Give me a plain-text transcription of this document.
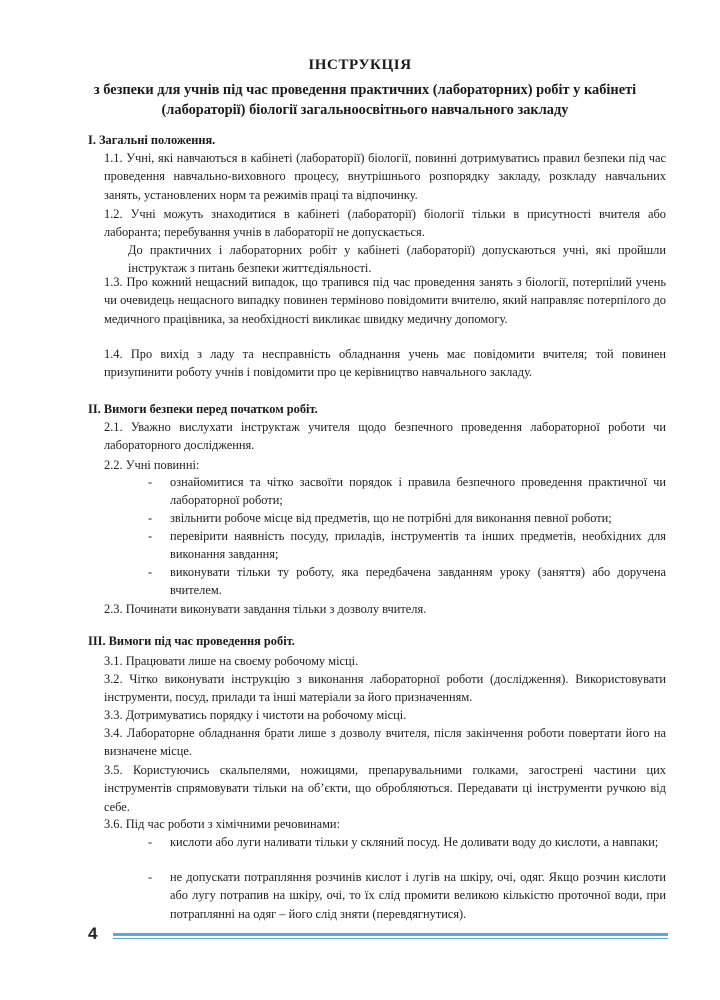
ІНСТРУКЦІЯ
з безпеки для учнів під час проведення практичних (лабораторних) робіт у кабінеті (лабораторії) біології загальноосвітнього навчального закладу
І. Загальні положення.
1.1. Учні, які навчаються в кабінеті (лабораторії) біології, повинні дотримуватись правил безпеки під час проведення навчально-виховного процесу, внутрішнього розпорядку закладу, розкладу навчальних занять, установлених норм та режимів праці та відпочинку.
1.2. Учні можуть знаходитися в кабінеті (лабораторії) біології тільки в присутності вчителя або лаборанта; перебування учнів в лабораторії не допускається.
До практичних і лабораторних робіт у кабінеті (лабораторії) допускаються учні, які пройшли інструктаж з питань безпеки життєдіяльності.
1.3. Про кожний нещасний випадок, що трапився під час проведення занять з біології, потерпілий учень чи очевидець нещасного випадку повинен терміново повідомити вчителю, який направляє потерпілого до медичного працівника, за необхідності викликає швидку медичну допомогу.
1.4. Про вихід з ладу та несправність обладнання учень має повідомити вчителя; той повинен призупинити роботу учнів і повідомити про це керівництво навчального закладу.
ІІ. Вимоги безпеки перед початком робіт.
2.1. Уважно вислухати інструктаж учителя щодо безпечного проведення лабораторної роботи чи лабораторного дослідження.
2.2. Учні повинні:
- ознайомитися та чітко засвоїти порядок і правила безпечного проведення практичної чи лабораторної роботи;
- звільнити робоче місце від предметів, що не потрібні для виконання певної роботи;
- перевірити наявність посуду, приладів, інструментів та інших предметів, необхідних для виконання завдання;
- виконувати тільки ту роботу, яка передбачена завданням уроку (заняття) або доручена вчителем.
2.3. Починати виконувати завдання тільки з дозволу вчителя.
ІІІ. Вимоги під час проведення робіт.
3.1. Працювати лише на своєму робочому місці.
3.2. Чітко виконувати інструкцію з виконання лабораторної роботи (дослідження). Використовувати інструменти, посуд, прилади та інші матеріали за його призначенням.
3.3. Дотримуватись порядку і чистоти на робочому місці.
3.4. Лабораторне обладнання брати лише з дозволу вчителя, після закінчення роботи повертати його на визначене місце.
3.5. Користуючись скальпелями, ножицями, препарувальними голками, загострені частини цих інструментів спрямовувати тільки на об’єкти, що обробляються. Передавати ці інструменти ручкою від себе.
3.6. Під час роботи з хімічними речовинами:
- кислоти або луги наливати тільки у скляний посуд. Не доливати воду до кислоти, а навпаки;
- не допускати потрапляння розчинів кислот і лугів на шкіру, очі, одяг. Якщо розчин кислоти або лугу потрапив на шкіру, очі, то їх слід промити великою кількістю проточної води, при потраплянні на одяг – його слід зняти (перевдягнутися).
4
